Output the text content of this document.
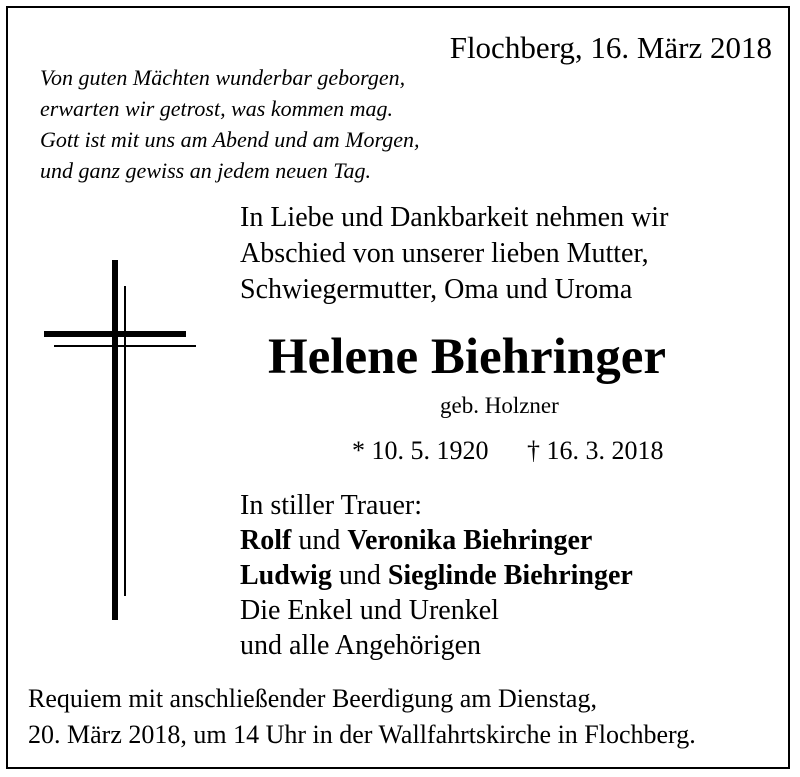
Flochberg, 16. März 2018
Von guten Mächten wunderbar geborgen,
erwarten wir getrost, was kommen mag.
Gott ist mit uns am Abend und am Morgen,
und ganz gewiss an jedem neuen Tag.
In Liebe und Dankbarkeit nehmen wir
Abschied von unserer lieben Mutter,
Schwiegermutter, Oma und Uroma
Helene Biehringer
geb. Holzner
* 10. 5. 1920 † 16. 3. 2018
In stiller Trauer:
Rolf und Veronika Biehringer
Ludwig und Sieglinde Biehringer
Die Enkel und Urenkel
und alle Angehörigen
Requiem mit anschließender Beerdigung am Dienstag,
20. März 2018, um 14 Uhr in der Wallfahrtskirche in Flochberg.
